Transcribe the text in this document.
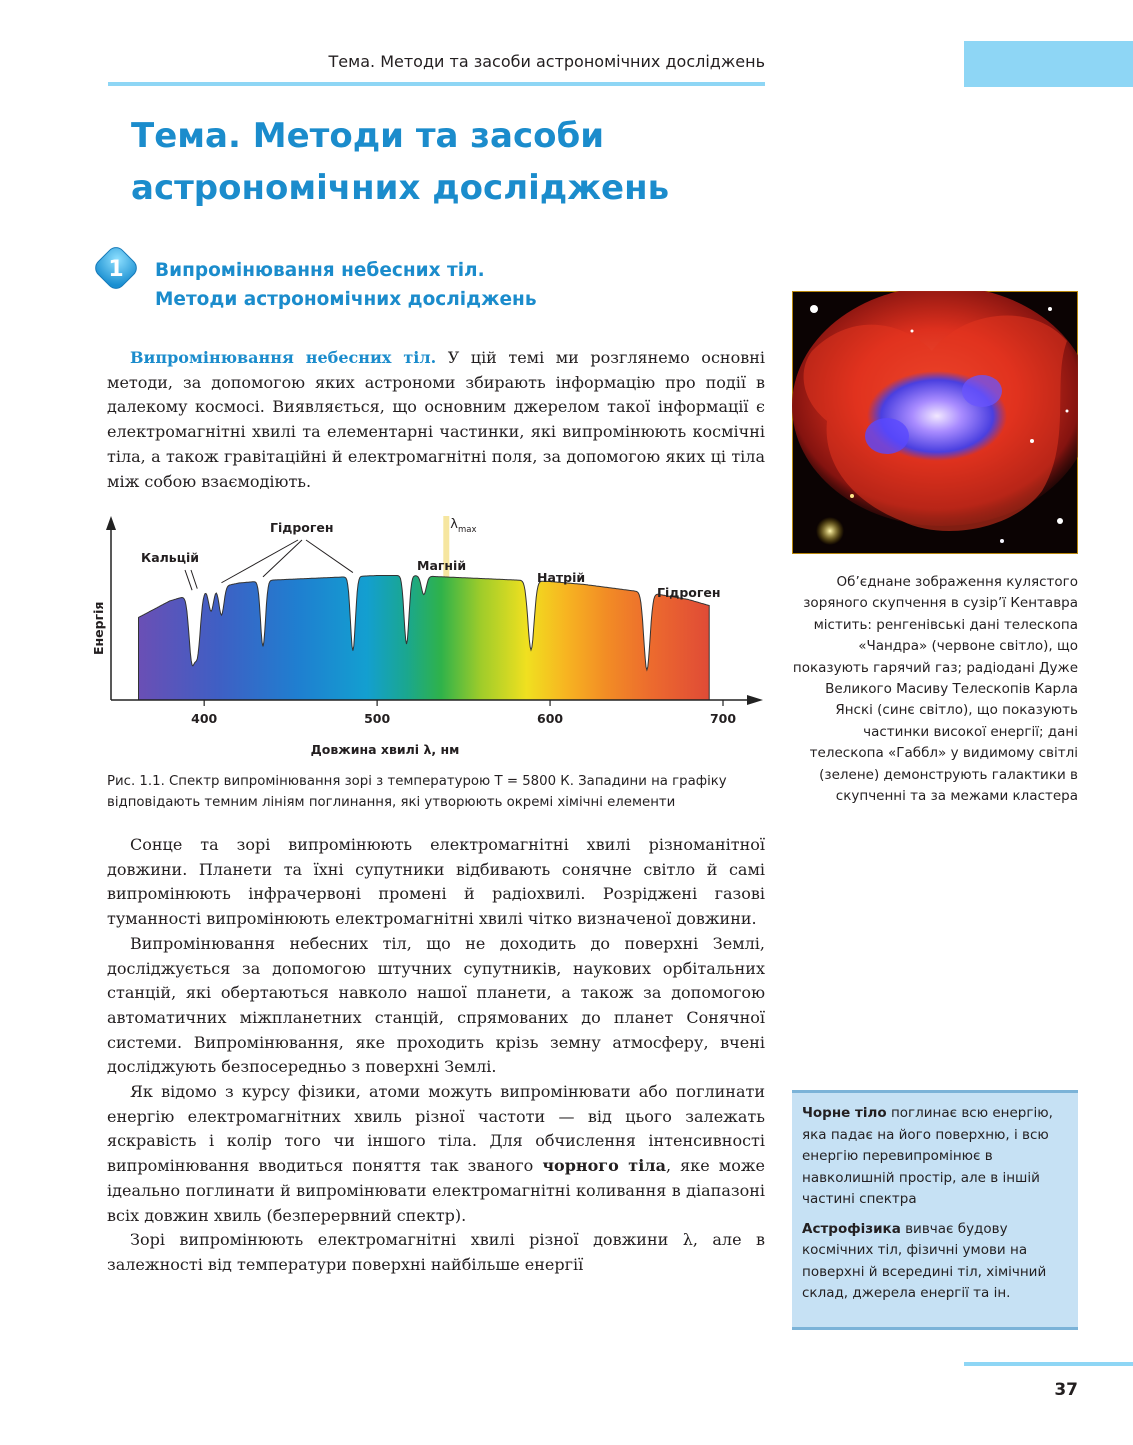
Тема. Методи та засоби астрономічних досліджень
Тема. Методи та засоби
астрономічних досліджень
1 Випромінювання небесних тіл.
Методи астрономічних досліджень

Випромінювання небесних тіл. У цій темі ми розглянемо основні методи, за допомогою яких астрономи збирають інформацію про події в далекому космосі. Виявляється, що основним джерелом такої інформації є електромагнітні хвилі та елементарні частинки, які випромінюють космічні тіла, а також гравітаційні й електромагнітні поля, за допомогою яких ці тіла між собою взаємодіють.

Енергія
Довжина хвилі λ, нм
400	500	600	700
Кальцій
Гідроген
Магній
Натрій
Гідроген
$\lambda_{max}$
Рис. 1.1. Спектр випромінювання зорі з температурою Т = 5800 К. Западини на графіку відповідають темним лініям поглинання, які утворюють окремі хімічні елементи

Сонце та зорі випромінюють електромагнітні хвилі різноманітної довжини. Планети та їхні супутники відбивають сонячне світло й самі випромінюють інфрачервоні промені й радіохвилі. Розріджені газові туманності випромінюють електромагнітні хвилі чітко визначеної довжини.

Випромінювання небесних тіл, що не доходить до поверхні Землі, досліджується за допомогою штучних супутників, наукових орбітальних станцій, які обертаються навколо нашої планети, а також за допомогою автоматичних міжпланетних станцій, спрямованих до планет Сонячної системи. Випромінювання, яке проходить крізь земну атмосферу, вчені досліджують безпосередньо з поверхні Землі.

Як відомо з курсу фізики, атоми можуть випромінювати або поглинати енергію електромагнітних хвиль різної частоти — від цього залежать яскравість і колір того чи іншого тіла. Для обчислення інтенсивності випромінювання вводиться поняття так званого чорного тіла, яке може ідеально поглинати й випромінювати електромагнітні коливання в діапазоні всіх довжин хвиль (безперервний спектр).

Зорі випромінюють електромагнітні хвилі різної довжини λ, але в залежності від температури поверхні найбільше енергії

Об’єднане зображення кулястого зоряного скупчення в сузір’ї Кентавра містить: ренгенівські дані телескопа «Чандра» (червоне світло), що показують гарячий газ; радіодані Дуже Великого Масиву Телескопів Карла Янскі (синє світло), що показують частинки високої енергії; дані телескопа «Габбл» у видимому світлі (зелене) демонструють галактики в скупченні та за межами кластера

Чорне тіло поглинає всю енергію, яка падає на його поверхню, і всю енергію перевипромінює в навколишній простір, але в іншій частині спектра

Астрофізика вивчає будову космічних тіл, фізичні умови на поверхні й всередині тіл, хімічний склад, джерела енергії та ін.

37
